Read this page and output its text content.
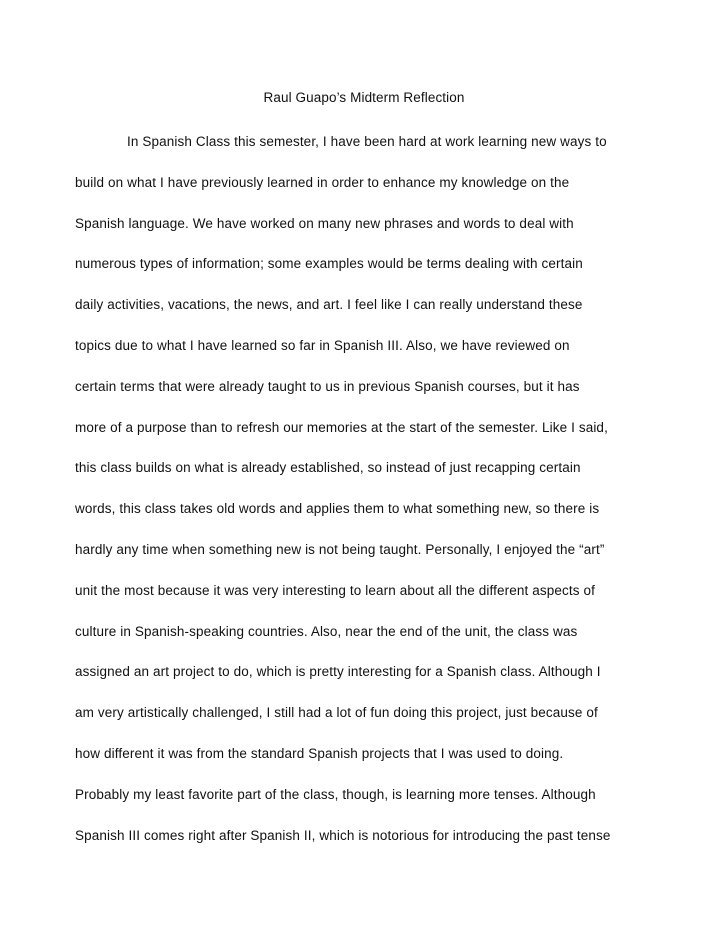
Raul Guapo’s Midterm Reflection
In Spanish Class this semester, I have been hard at work learning new ways to
build on what I have previously learned in order to enhance my knowledge on the
Spanish language. We have worked on many new phrases and words to deal with
numerous types of information; some examples would be terms dealing with certain
daily activities, vacations, the news, and art. I feel like I can really understand these
topics due to what I have learned so far in Spanish III. Also, we have reviewed on
certain terms that were already taught to us in previous Spanish courses, but it has
more of a purpose than to refresh our memories at the start of the semester. Like I said,
this class builds on what is already established, so instead of just recapping certain
words, this class takes old words and applies them to what something new, so there is
hardly any time when something new is not being taught. Personally, I enjoyed the “art”
unit the most because it was very interesting to learn about all the different aspects of
culture in Spanish-speaking countries. Also, near the end of the unit, the class was
assigned an art project to do, which is pretty interesting for a Spanish class. Although I
am very artistically challenged, I still had a lot of fun doing this project, just because of
how different it was from the standard Spanish projects that I was used to doing.
Probably my least favorite part of the class, though, is learning more tenses. Although
Spanish III comes right after Spanish II, which is notorious for introducing the past tense
